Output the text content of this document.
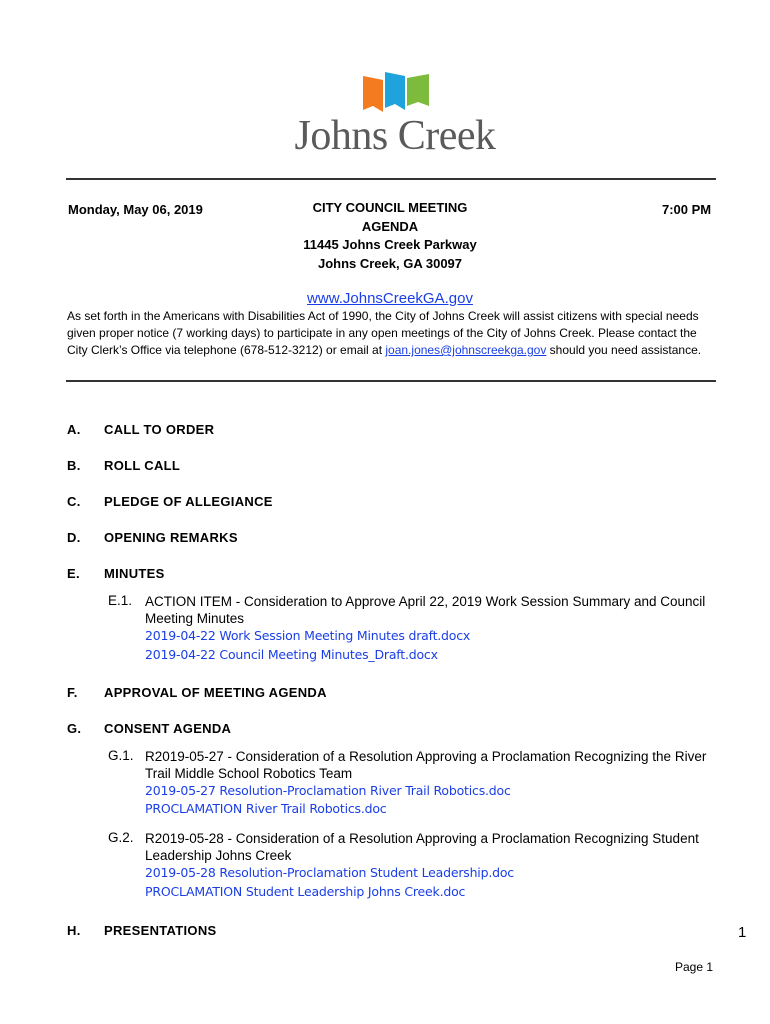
Johns Creek
Monday, May 06, 2019	CITY COUNCIL MEETING
AGENDA
11445 Johns Creek Parkway
Johns Creek, GA 30097
7:00 PM
www.JohnsCreekGA.gov
As set forth in the Americans with Disabilities Act of 1990, the City of Johns Creek will assist citizens with special needs given proper notice (7 working days) to participate in any open meetings of the City of Johns Creek. Please contact the City Clerk’s Office via telephone (678-512-3212) or email at joan.jones@johnscreekga.gov should you need assistance.
A. CALL TO ORDER
B. ROLL CALL
C. PLEDGE OF ALLEGIANCE
D. OPENING REMARKS
E. MINUTES
E.1. ACTION ITEM - Consideration to Approve April 22, 2019 Work Session Summary and Council Meeting Minutes
2019-04-22 Work Session Meeting Minutes draft.docx
2019-04-22 Council Meeting Minutes_Draft.docx
F. APPROVAL OF MEETING AGENDA
G. CONSENT AGENDA
G.1. R2019-05-27 - Consideration of a Resolution Approving a Proclamation Recognizing the River Trail Middle School Robotics Team
2019-05-27 Resolution-Proclamation River Trail Robotics.doc
PROCLAMATION River Trail Robotics.doc
G.2. R2019-05-28 - Consideration of a Resolution Approving a Proclamation Recognizing Student Leadership Johns Creek
2019-05-28 Resolution-Proclamation Student Leadership.doc
PROCLAMATION Student Leadership Johns Creek.doc
H. PRESENTATIONS	1
Page 1
